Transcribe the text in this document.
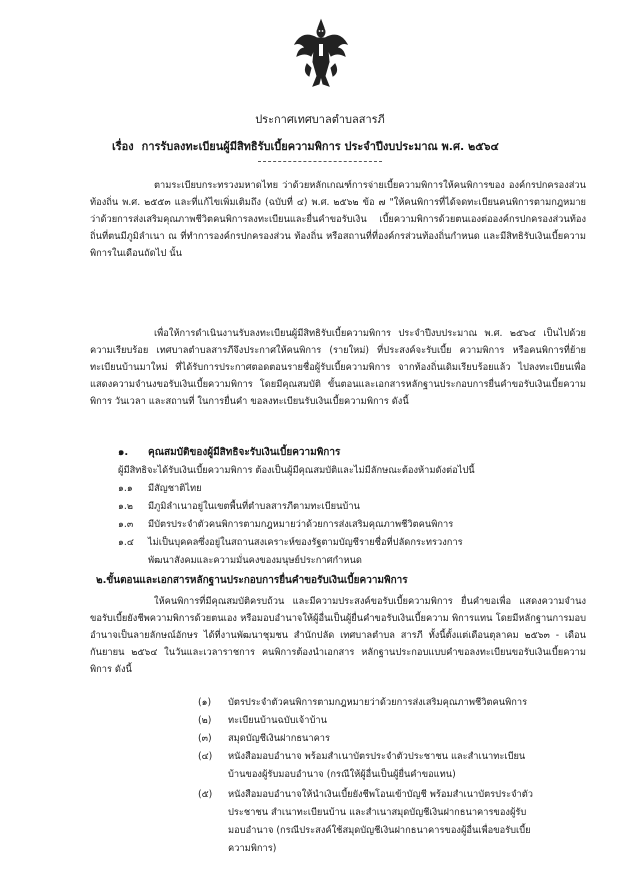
ประกาศเทศบาลตำบลสารภี
เรื่อง การรับลงทะเบียนผู้มีสิทธิรับเบี้ยความพิการ ประจำปีงบประมาณ พ.ศ. ๒๕๖๔
ตามระเบียบกระทรวงมหาดไทย ว่าด้วยหลักเกณฑ์การจ่ายเบี้ยความพิการให้คนพิการของ องค์กรปกครองส่วนท้องถิ่น พ.ศ. ๒๕๕๓ และที่แก้ไขเพิ่มเติมถึง (ฉบับที่ ๔) พ.ศ. ๒๕๖๒ ข้อ ๗ "ให้คนพิการที่ได้จดทะเบียนคนพิการตามกฎหมายว่าด้วยการส่งเสริมคุณภาพชีวิตคนพิการลงทะเบียนและยื่นคำขอรับเงิน เบี้ยความพิการด้วยตนเองต่อองค์กรปกครองส่วนท้องถิ่นที่ตนมีภูมิลำเนา ณ ที่ทำการองค์กรปกครองส่วน ท้องถิ่น หรือสถานที่ที่องค์กรส่วนท้องถิ่นกำหนด และมีสิทธิรับเงินเบี้ยความพิการในเดือนถัดไป นั้น
เพื่อให้การดำเนินงานรับลงทะเบียนผู้มีสิทธิรับเบี้ยความพิการ ประจำปีงบประมาณ พ.ศ. ๒๕๖๔ เป็นไปด้วยความเรียบร้อย เทศบาลตำบลสารภีจึงประกาศให้คนพิการ (รายใหม่) ที่ประสงค์จะรับเบี้ย ความพิการ หรือคนพิการที่ย้ายทะเบียนบ้านมาใหม่ ที่ได้รับการประกาศตอดตอนรายชื่อผู้รับเบี้ยความพิการ จากท้องถิ่นเดิมเรียบร้อยแล้ว ไปลงทะเบียนเพื่อแสดงความจำนงขอรับเงินเบี้ยความพิการ โดยมีคุณสมบัติ ขั้นตอนและเอกสารหลักฐานประกอบการยื่นคำขอรับเงินเบี้ยความพิการ วันเวลา และสถานที่ ในการยื่นคำ ขอลงทะเบียนรับเงินเบี้ยความพิการ ดังนี้
๑. คุณสมบัติของผู้มีสิทธิจะรับเงินเบี้ยความพิการ
ผู้มีสิทธิจะได้รับเงินเบี้ยความพิการ ต้องเป็นผู้มีคุณสมบัติและไม่มีลักษณะต้องห้ามดังต่อไปนี้
๑.๑ มีสัญชาติไทย
๑.๒ มีภูมิลำเนาอยู่ในเขตพื้นที่ตำบลสารภีตามทะเบียนบ้าน
๑.๓ มีบัตรประจำตัวคนพิการตามกฎหมายว่าด้วยการส่งเสริมคุณภาพชีวิตคนพิการ
๑.๔ ไม่เป็นบุคคลซึ่งอยู่ในสถานสงเคราะห์ของรัฐตามบัญชีรายชื่อที่ปลัดกระทรวงการ
พัฒนาสังคมและความมั่นคงของมนุษย์ประกาศกำหนด
๒.ขั้นตอนและเอกสารหลักฐานประกอบการยื่นคำขอรับเงินเบี้ยความพิการ
ให้คนพิการที่มีคุณสมบัติครบถ้วน และมีความประสงค์ขอรับเบี้ยความพิการ ยื่นคำขอเพื่อ แสดงความจำนงขอรับเบี้ยยังชีพความพิการด้วยตนเอง หรือมอบอำนาจให้ผู้อื่นเป็นผู้ยื่นคำขอรับเงินเบี้ยความ พิการแทน โดยมีหลักฐานการมอบอำนาจเป็นลายลักษณ์อักษร ได้ที่งานพัฒนาชุมชน สำนักปลัด เทศบาลตำบล สารภี ทั้งนี้ตั้งแต่เดือนตุลาคม ๒๕๖๓ - เดือนกันยายน ๒๕๖๔ ในวันและเวลาราชการ คนพิการต้องนำเอกสาร หลักฐานประกอบแบบคำขอลงทะเบียนขอรับเงินเบี้ยความพิการ ดังนี้
(๑) บัตรประจำตัวคนพิการตามกฎหมายว่าด้วยการส่งเสริมคุณภาพชีวิตคนพิการ
(๒) ทะเบียนบ้านฉบับเจ้าบ้าน
(๓) สมุดบัญชีเงินฝากธนาคาร
(๔) หนังสือมอบอำนาจ พร้อมสำเนาบัตรประจำตัวประชาชน และสำเนาทะเบียน
บ้านของผู้รับมอบอำนาจ (กรณีให้ผู้อื่นเป็นผู้ยื่นคำขอแทน)
(๕) หนังสือมอบอำนาจให้นำเงินเบี้ยยังชีพโอนเข้าบัญชี พร้อมสำเนาบัตรประจำตัว
ประชาชน สำเนาทะเบียนบ้าน และสำเนาสมุดบัญชีเงินฝากธนาคารของผู้รับ
มอบอำนาจ (กรณีประสงค์ใช้สมุดบัญชีเงินฝากธนาคารของผู้อื่นเพื่อขอรับเบี้ย
ความพิการ)
